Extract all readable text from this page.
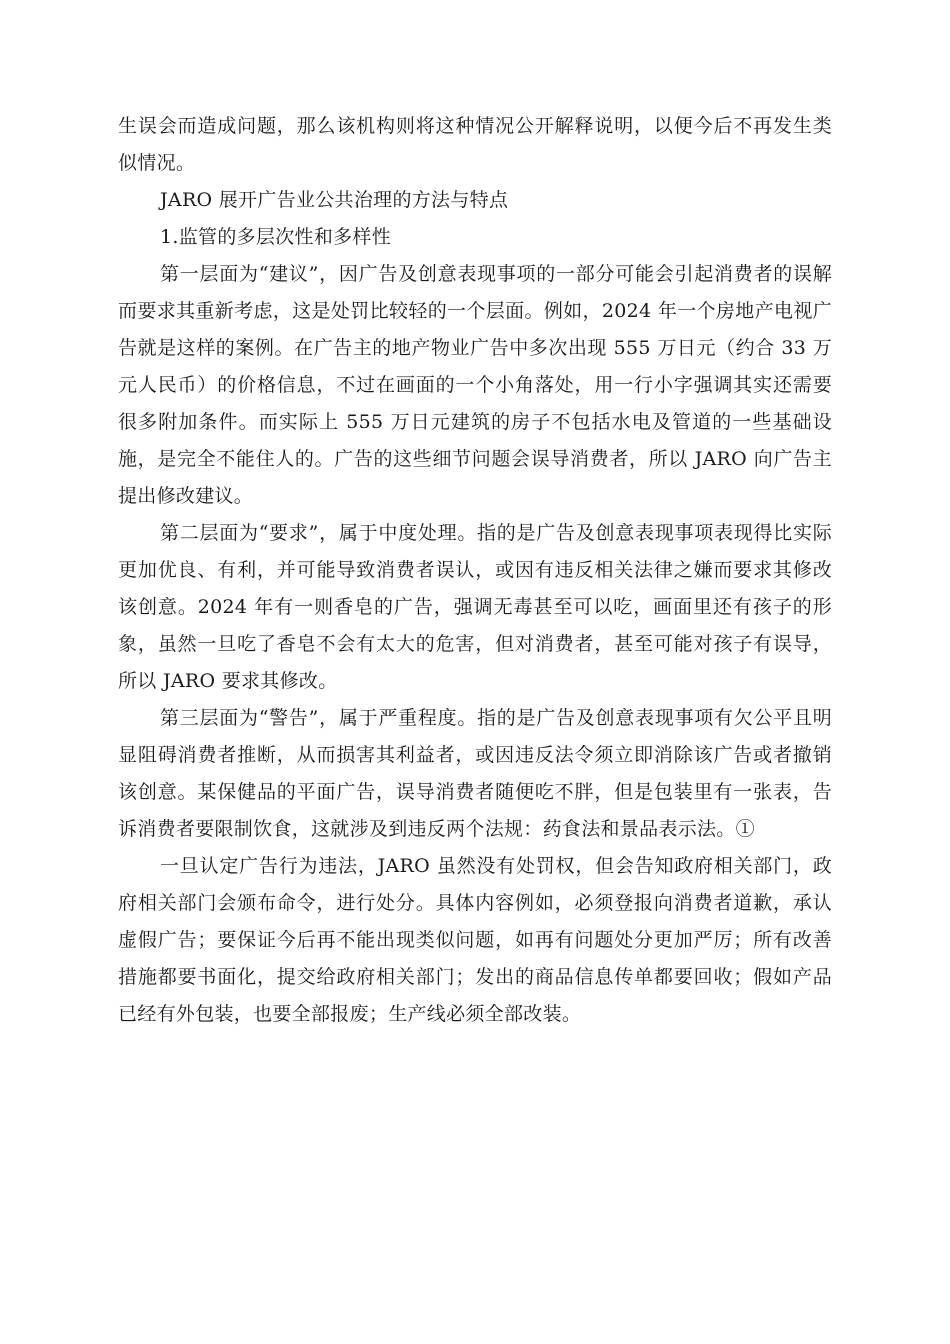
生误会而造成问题，那么该机构则将这种情况公开解释说明，以便今后不再发生类似情况。

JARO 展开广告业公共治理的方法与特点

1.监管的多层次性和多样性

第一层面为“建议”，因广告及创意表现事项的一部分可能会引起消费者的误解而要求其重新考虑，这是处罚比较轻的一个层面。例如，2024 年一个房地产电视广告就是这样的案例。在广告主的地产物业广告中多次出现 555 万日元（约合 33 万元人民币）的价格信息，不过在画面的一个小角落处，用一行小字强调其实还需要很多附加条件。而实际上 555 万日元建筑的房子不包括水电及管道的一些基础设施，是完全不能住人的。广告的这些细节问题会误导消费者，所以 JARO 向广告主提出修改建议。

第二层面为“要求”，属于中度处理。指的是广告及创意表现事项表现得比实际更加优良、有利，并可能导致消费者误认，或因有违反相关法律之嫌而要求其修改该创意。2024 年有一则香皂的广告，强调无毒甚至可以吃，画面里还有孩子的形象，虽然一旦吃了香皂不会有太大的危害，但对消费者，甚至可能对孩子有误导，所以 JARO 要求其修改。

第三层面为“警告”，属于严重程度。指的是广告及创意表现事项有欠公平且明显阻碍消费者推断，从而损害其利益者，或因违反法令须立即消除该广告或者撤销该创意。某保健品的平面广告，误导消费者随便吃不胖，但是包装里有一张表，告诉消费者要限制饮食，这就涉及到违反两个法规：药食法和景品表示法。①

一旦认定广告行为违法，JARO 虽然没有处罚权，但会告知政府相关部门，政府相关部门会颁布命令，进行处分。具体内容例如，必须登报向消费者道歉，承认虚假广告；要保证今后再不能出现类似问题，如再有问题处分更加严厉；所有改善措施都要书面化，提交给政府相关部门；发出的商品信息传单都要回收；假如产品已经有外包装，也要全部报废；生产线必须全部改装。
